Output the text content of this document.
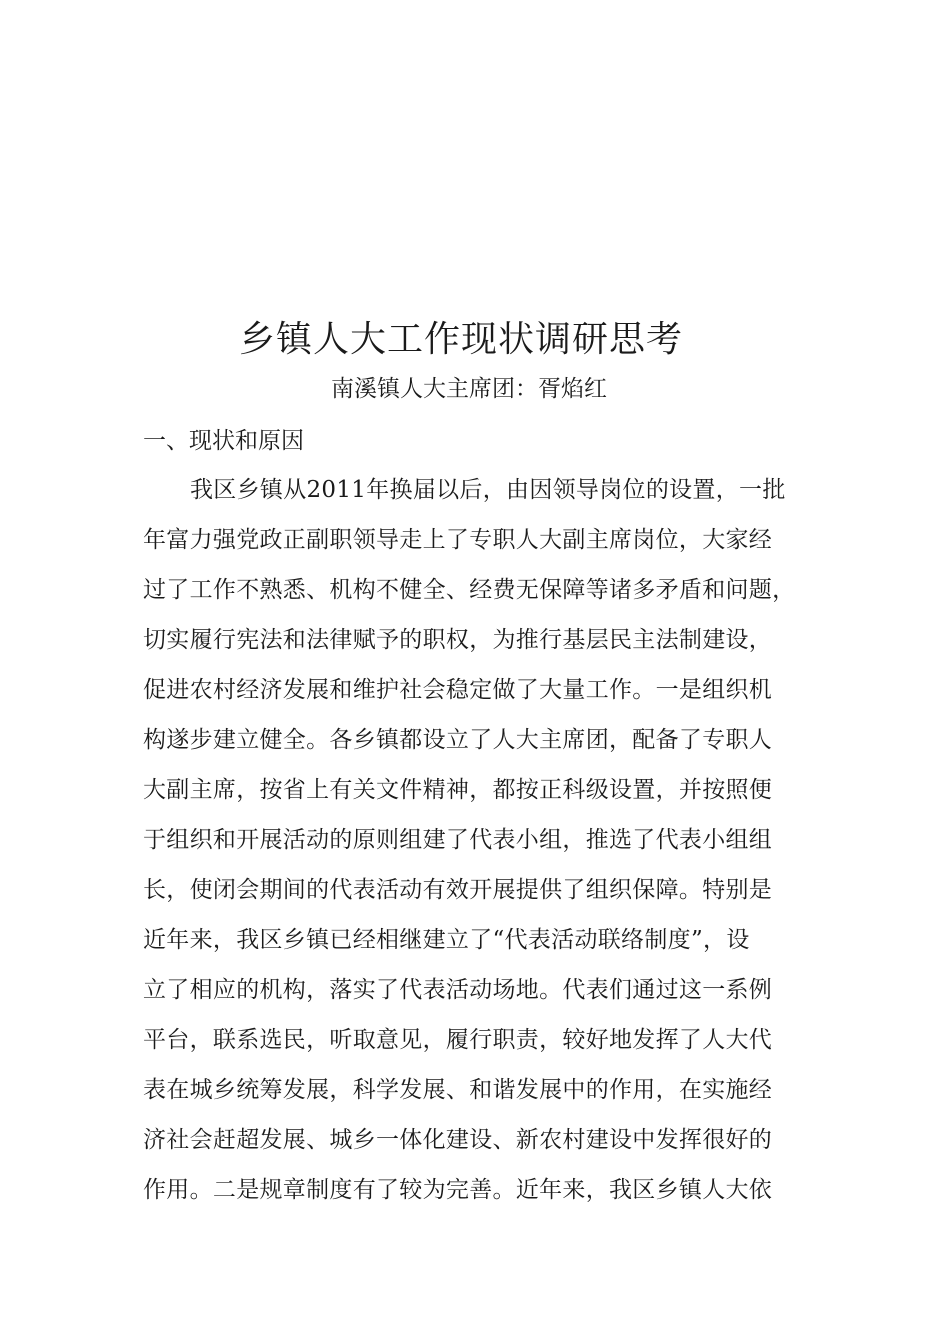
乡镇人大工作现状调研思考
南溪镇人大主席团：胥焰红
一、现状和原因
我区乡镇从2011年换届以后，由因领导岗位的设置，一批
年富力强党政正副职领导走上了专职人大副主席岗位，大家经
过了工作不熟悉、机构不健全、经费无保障等诸多矛盾和问题，
切实履行宪法和法律赋予的职权，为推行基层民主法制建设，
促进农村经济发展和维护社会稳定做了大量工作。一是组织机
构遂步建立健全。各乡镇都设立了人大主席团，配备了专职人
大副主席，按省上有关文件精神，都按正科级设置，并按照便
于组织和开展活动的原则组建了代表小组，推选了代表小组组
长，使闭会期间的代表活动有效开展提供了组织保障。特别是
近年来，我区乡镇已经相继建立了“代表活动联络制度”，设
立了相应的机构，落实了代表活动场地。代表们通过这一系例
平台，联系选民，听取意见，履行职责，较好地发挥了人大代
表在城乡统筹发展，科学发展、和谐发展中的作用，在实施经
济社会赶超发展、城乡一体化建设、新农村建设中发挥很好的
作用。二是规章制度有了较为完善。近年来，我区乡镇人大依
